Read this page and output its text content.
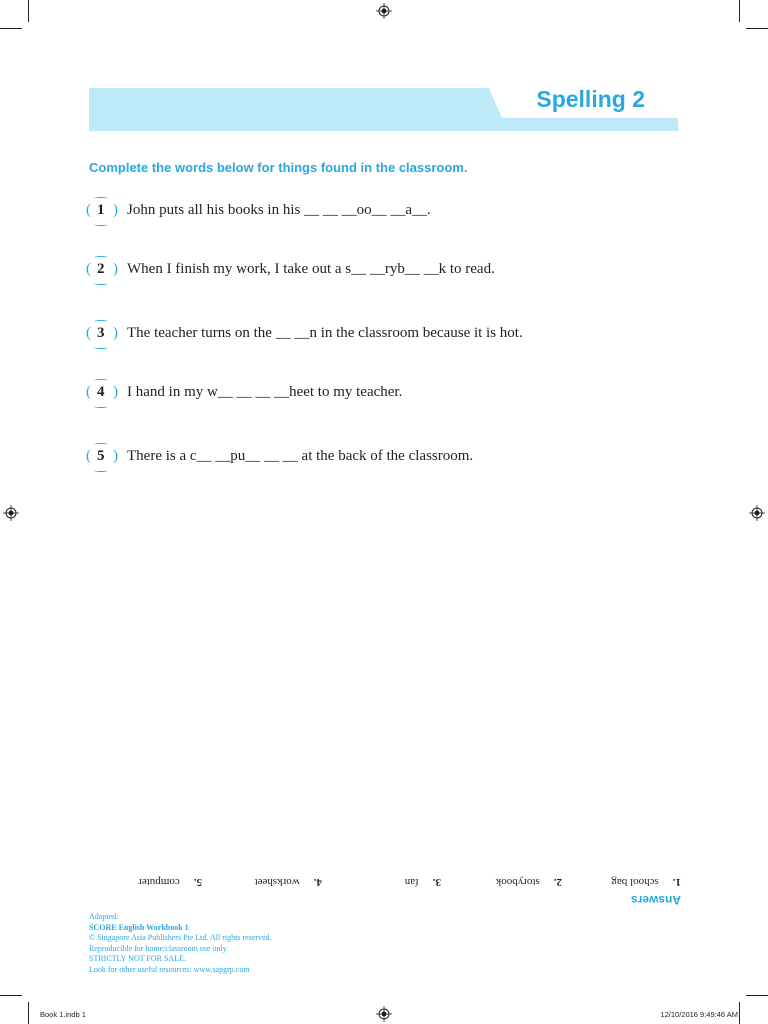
Spelling 2
Complete the words below for things found in the classroom.
( 1 ) John puts all his books in his __ __ __oo__ __a__.
( 2 ) When I finish my work, I take out a s__ __ryb__ __k to read.
( 3 ) The teacher turns on the __ __n in the classroom because it is hot.
( 4 ) I hand in my w__ __ __ __heet to my teacher.
( 5 ) There is a c__ __pu__ __ __ at the back of the classroom.
Answers
1.school bag
2.storybook
3.fan
4.worksheet
5.computer
Adapted:
SCORE English Workbook 1
© Singapore Asia Publishers Pte Ltd. All rights reserved.
Reproducible for home/classroom use only.
STRICTLY NOT FOR SALE.
Look for other useful resources: www.sapgrp.com
Book 1.indb 1	12/10/2016 9:49:46 AM
